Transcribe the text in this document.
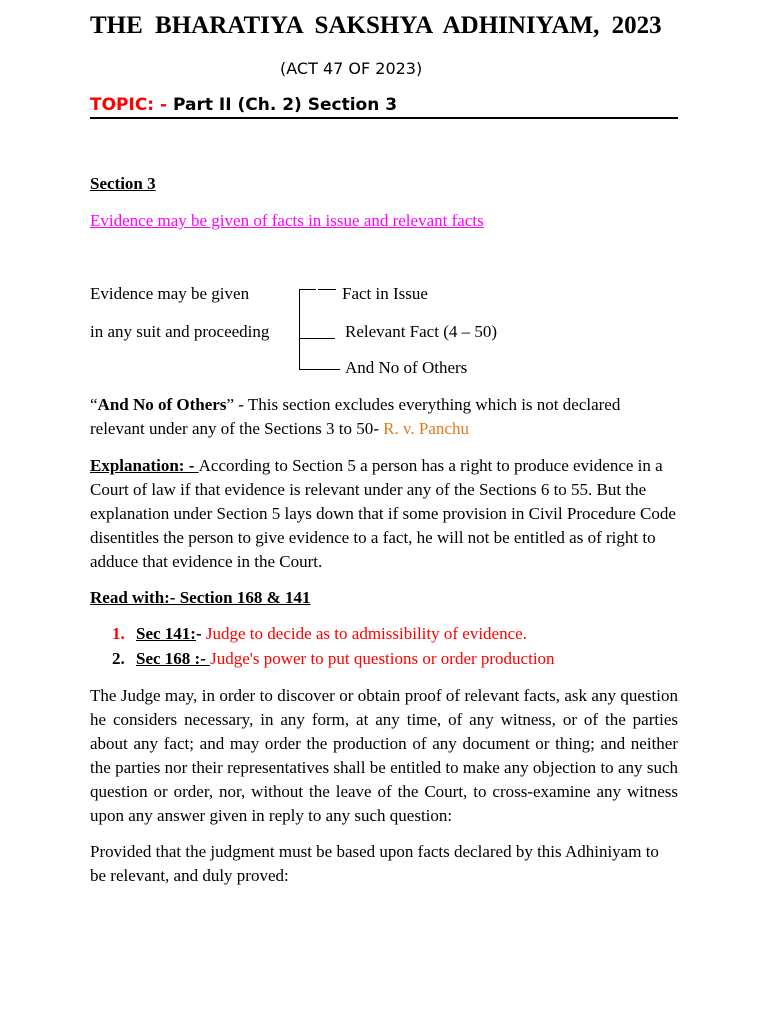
THE BHARATIYA SAKSHYA ADHINIYAM, 2023
(ACT 47 OF 2023)
TOPIC: - Part II (Ch. 2) Section 3
Section 3
Evidence may be given of facts in issue and relevant facts
Evidence may be given
in any suit and proceeding
Fact in Issue
Relevant Fact (4 – 50)
And No of Others

“And No of Others” - This section excludes everything which is not declared relevant under any of the Sections 3 to 50- R. v. Panchu

Explanation: - According to Section 5 a person has a right to produce evidence in a Court of law if that evidence is relevant under any of the Sections 6 to 55. But the explanation under Section 5 lays down that if some provision in Civil Procedure Code disentitles the person to give evidence to a fact, he will not be entitled as of right to adduce that evidence in the Court.

Read with:- Section 168 & 141
1. Sec 141:- Judge to decide as to admissibility of evidence.
2. Sec 168 :- Judge's power to put questions or order production

The Judge may, in order to discover or obtain proof of relevant facts, ask any question he considers necessary, in any form, at any time, of any witness, or of the parties about any fact; and may order the production of any document or thing; and neither the parties nor their representatives shall be entitled to make any objection to any such question or order, nor, without the leave of the Court, to cross-examine any witness upon any answer given in reply to any such question:

Provided that the judgment must be based upon facts declared by this Adhiniyam to be relevant, and duly proved:
